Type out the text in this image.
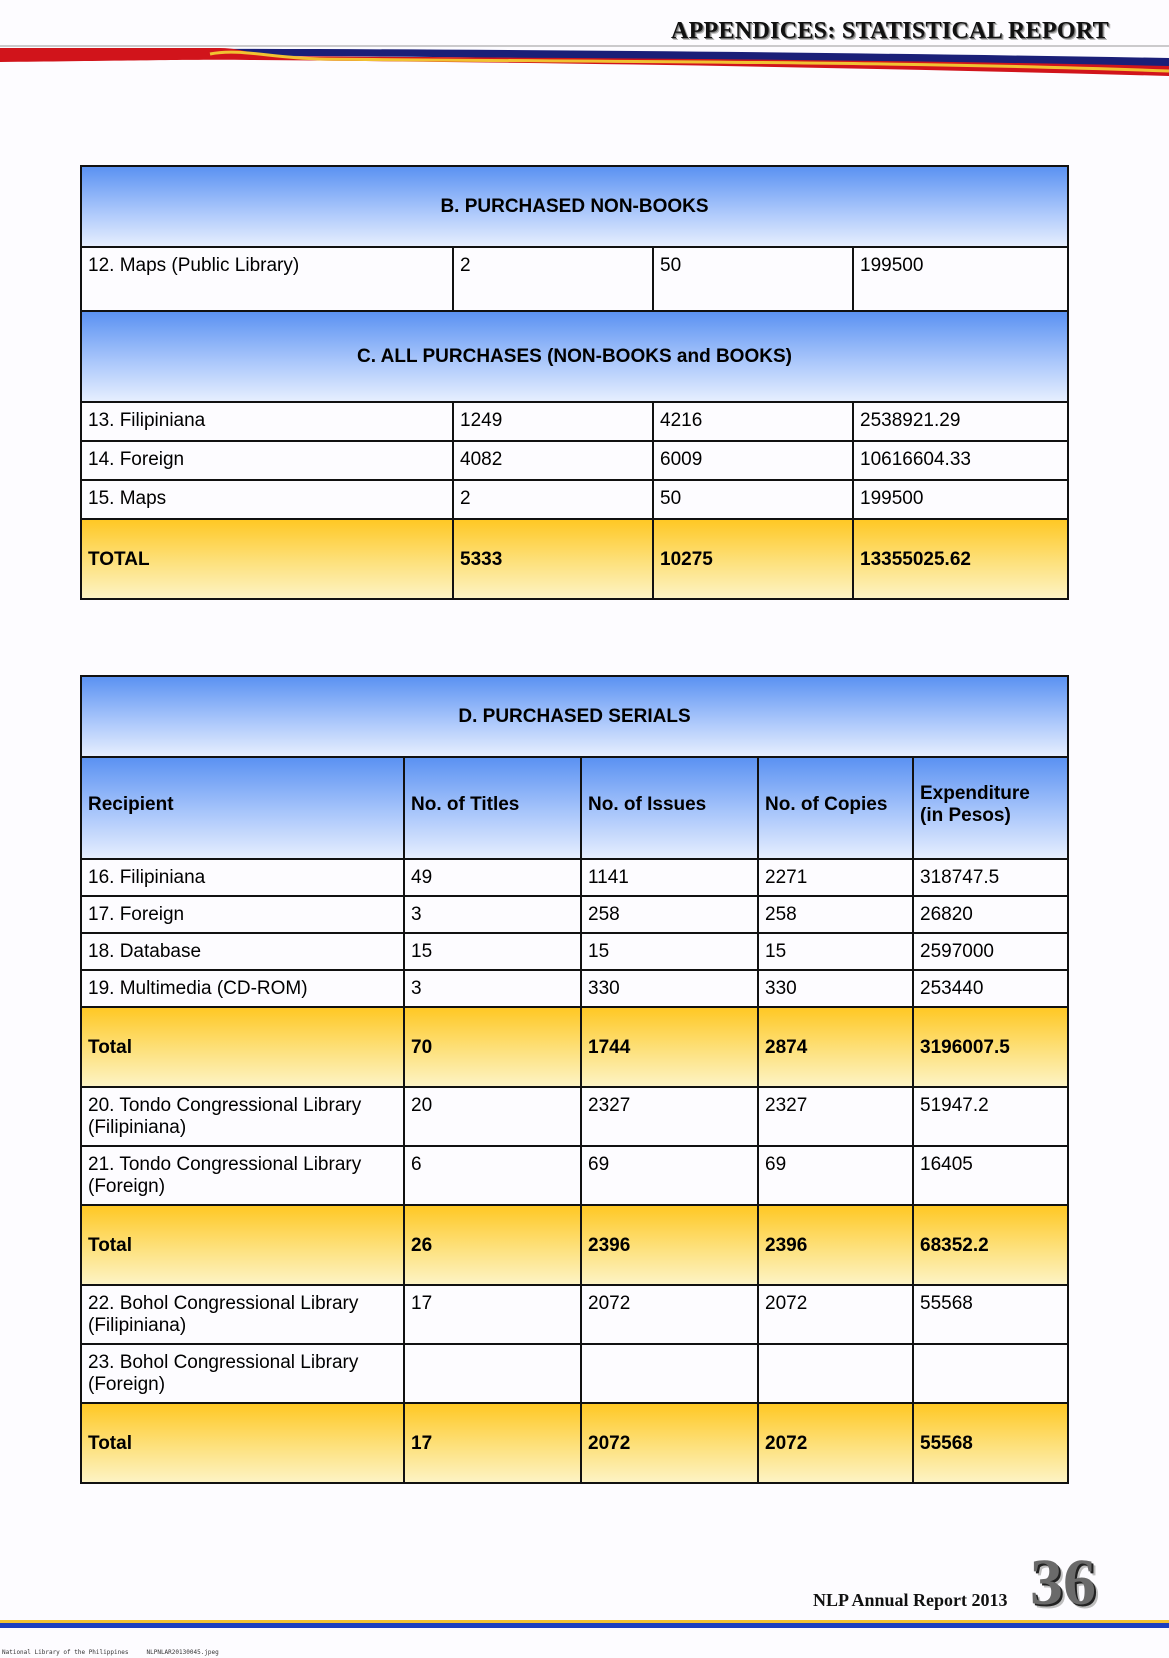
APPENDICES: STATISTICAL REPORT
B. PURCHASED NON-BOOKS			
12. Maps (Public Library)	2	50	199500
C. ALL PURCHASES (NON-BOOKS and BOOKS)			
13. Filipiniana	1249	4216	2538921.29
14. Foreign	4082	6009	10616604.33
15. Maps	2	50	199500
TOTAL	5333	10275	13355025.62
D. PURCHASED SERIALS				
Recipient	No. of Titles	No. of Issues	No. of Copies	Expenditure
(in Pesos)
16. Filipiniana	49	1141	2271	318747.5
17. Foreign	3	258	258	26820
18. Database	15	15	15	2597000
19. Multimedia (CD-ROM)	3	330	330	253440
Total	70	1744	2874	3196007.5
20. Tondo Congressional Library
(Filipiniana)	20	2327	2327	51947.2
21. Tondo Congressional Library
(Foreign)	6	69	69	16405
Total	26	2396	2396	68352.2
22. Bohol Congressional Library
(Filipiniana)	17	2072	2072	55568
23. Bohol Congressional Library
(Foreign)				
Total	17	2072	2072	55568
NLP Annual Report 2013 36
National Library of the Philippines     NLPNLAR20130045.jpeg
